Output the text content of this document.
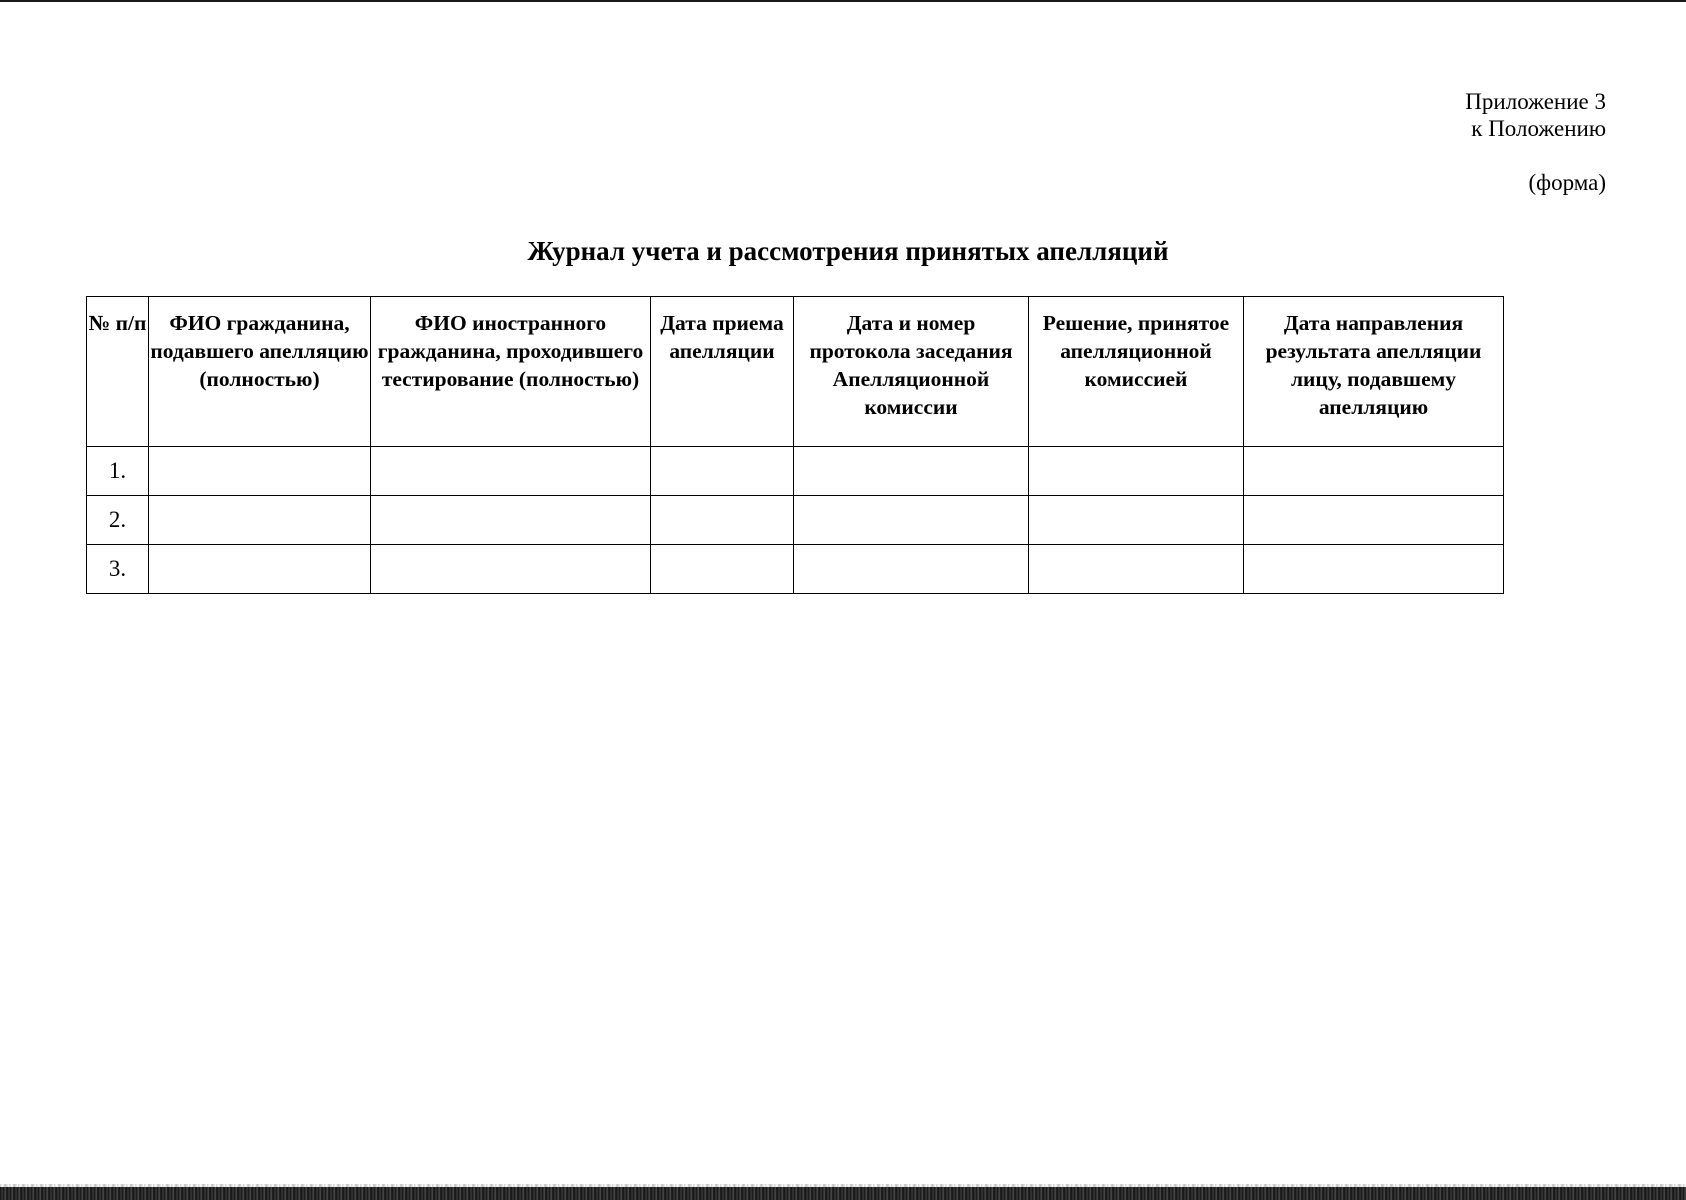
Приложение 3
к Положению
(форма)
Журнал учета и рассмотрения принятых апелляций
№ п/п	ФИО гражданина, подавшего апелляцию (полностью)	ФИО иностранного гражданина, проходившего тестирование (полностью)	Дата приема апелляции	Дата и номер протокола заседания Апелляционной комиссии	Решение, принятое апелляционной комиссией	Дата направления результата апелляции лицу, подавшему апелляцию
1.						
2.						
3.						
